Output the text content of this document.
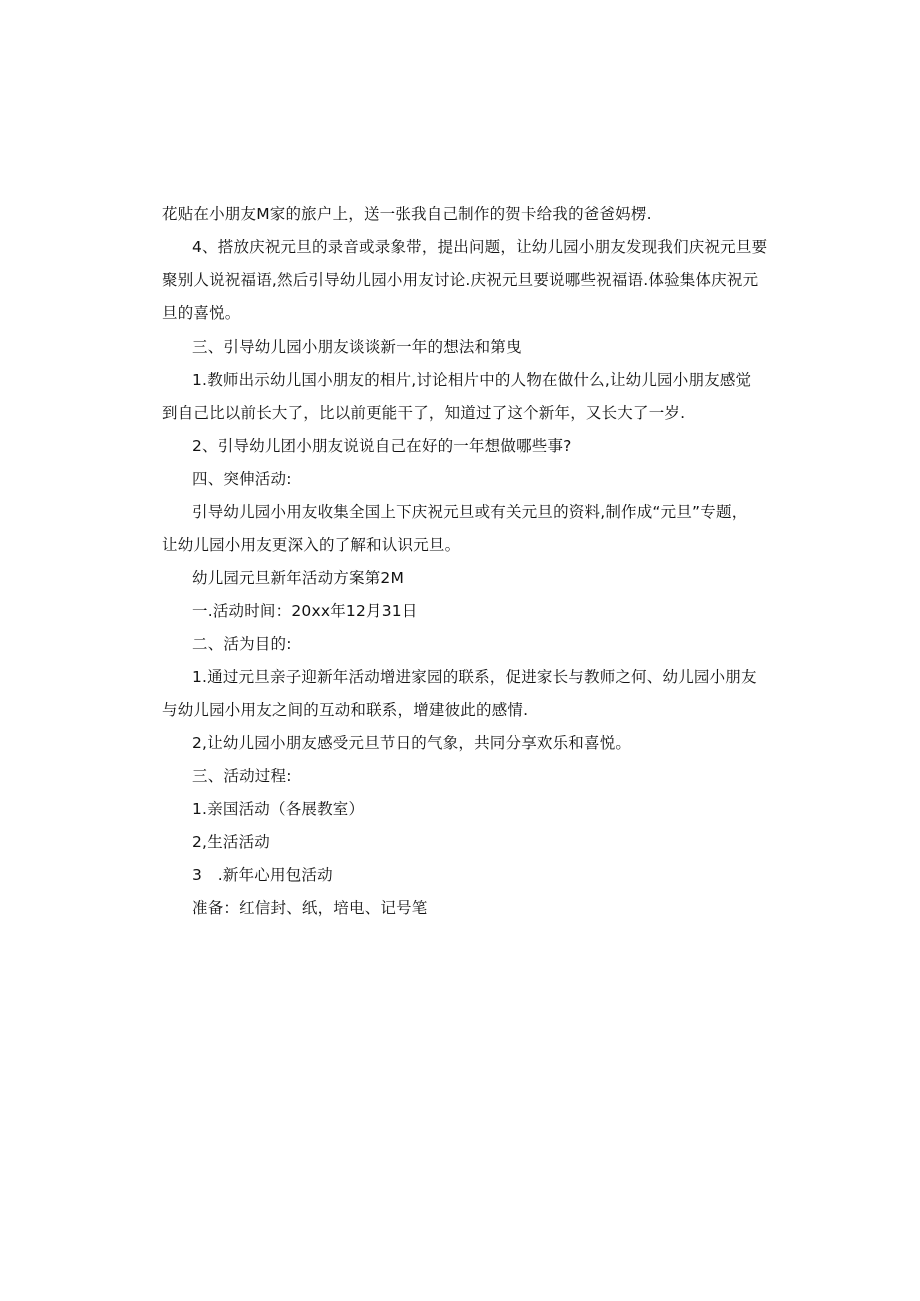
花贴在小朋友M家的旅户上，送一张我自己制作的贺卡给我的爸爸妈楞.
4、搭放庆祝元旦的录音或录象带，提出问题，让幼儿园小朋友发现我们庆祝元旦要
聚别人说祝福语,然后引导幼儿园小用友讨论.庆祝元旦要说哪些祝福语.体验集体庆祝元
旦的喜悦。
三、引导幼儿园小朋友谈谈新一年的想法和第曳
1.教师出示幼儿国小朋友的相片,讨论相片中的人物在做什么,让幼儿园小朋友感觉
到自己比以前长大了，比以前更能干了，知道过了这个新年，又长大了一岁.
2、引导幼儿团小朋友说说自己在好的一年想做哪些事?
四、突伸活动:
引导幼儿园小用友收集全国上下庆祝元旦或有关元旦的资料,制作成“元旦”专题，
让幼儿园小用友更深入的了解和认识元旦。
幼儿园元旦新年活动方案第2M
一.活动时间：20xx年12月31日
二、活为目的:
1.通过元旦亲子迎新年活动增进家园的联系，促进家长与教师之何、幼儿园小朋友
与幼儿园小用友之间的互动和联系，增建彼此的感情.
2,让幼儿园小朋友感受元旦节日的气象，共同分享欢乐和喜悦。
三、活动过程:
1.亲国活动（各展教室）
2,生活活动
3　.新年心用包活动
准备：红信封、纸，培电、记号笔
